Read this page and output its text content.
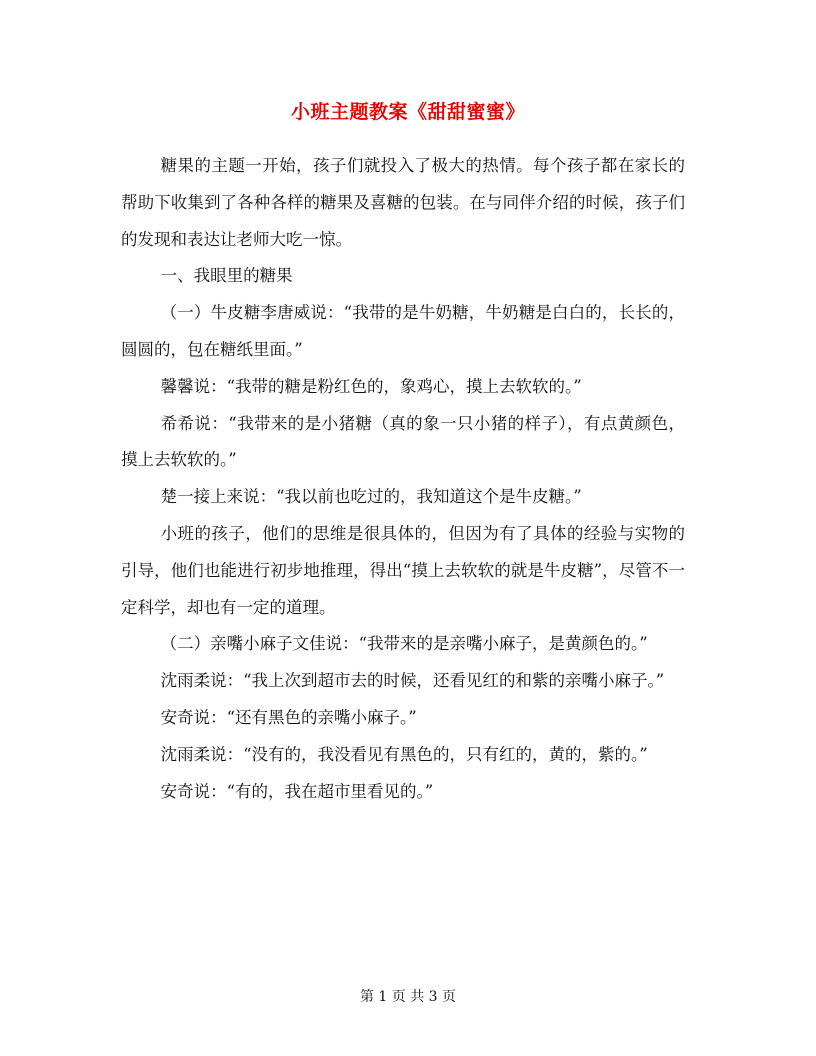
小班主题教案《甜甜蜜蜜》

糖果的主题一开始，孩子们就投入了极大的热情。每个孩子都在家长的帮助下收集到了各种各样的糖果及喜糖的包装。在与同伴介绍的时候，孩子们的发现和表达让老师大吃一惊。

一、我眼里的糖果

（一）牛皮糖李唐威说：“我带的是牛奶糖，牛奶糖是白白的，长长的，圆圆的，包在糖纸里面。”

馨馨说：“我带的糖是粉红色的，象鸡心，摸上去软软的。”

希希说：“我带来的是小猪糖（真的象一只小猪的样子），有点黄颜色，摸上去软软的。”

楚一接上来说：“我以前也吃过的，我知道这个是牛皮糖。”

小班的孩子，他们的思维是很具体的，但因为有了具体的经验与实物的引导，他们也能进行初步地推理，得出“摸上去软软的就是牛皮糖”，尽管不一定科学，却也有一定的道理。

（二）亲嘴小麻子文佳说：“我带来的是亲嘴小麻子，是黄颜色的。”

沈雨柔说：“我上次到超市去的时候，还看见红的和紫的亲嘴小麻子。”

安奇说：“还有黑色的亲嘴小麻子。”

沈雨柔说：“没有的，我没看见有黑色的，只有红的，黄的，紫的。”

安奇说：“有的，我在超市里看见的。”

第 1 页 共 3 页
